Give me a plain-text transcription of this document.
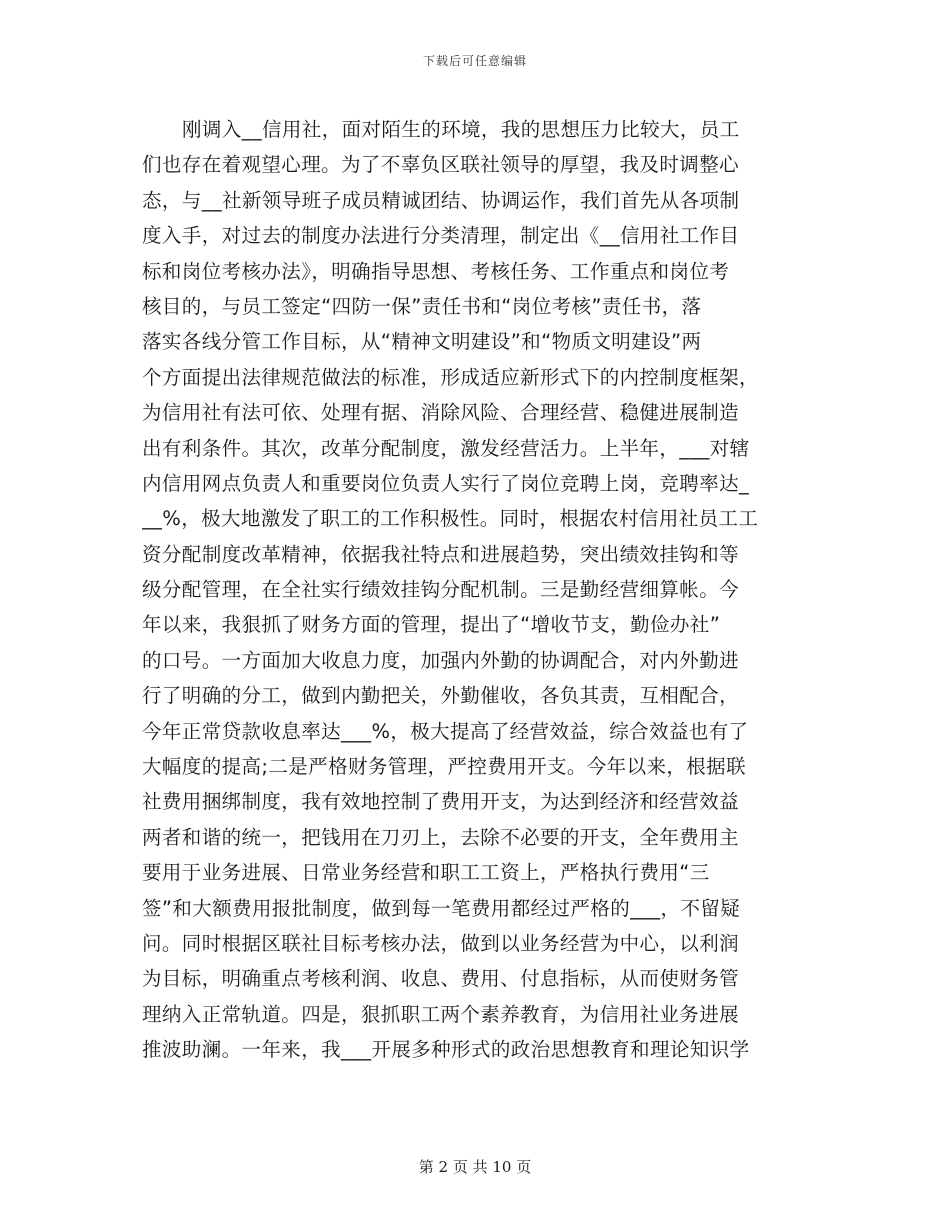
下载后可任意编辑
刚调入__信用社，面对陌生的环境，我的思想压力比较大，员工
们也存在着观望心理。为了不辜负区联社领导的厚望，我及时调整心
态，与__社新领导班子成员精诚团结、协调运作，我们首先从各项制
度入手，对过去的制度办法进行分类清理，制定出《__信用社工作目
标和岗位考核办法》，明确指导思想、考核任务、工作重点和岗位考
核目的，与员工签定“四防一保”责任书和“岗位考核”责任书，落
落实各线分管工作目标，从“精神文明建设”和“物质文明建设”两
个方面提出法律规范做法的标准，形成适应新形式下的内控制度框架，
为信用社有法可依、处理有据、消除风险、合理经营、稳健进展制造
出有利条件。其次，改革分配制度，激发经营活力。上半年，___对辖
内信用网点负责人和重要岗位负责人实行了岗位竞聘上岗，竞聘率达_
__%，极大地激发了职工的工作积极性。同时，根据农村信用社员工工
资分配制度改革精神，依据我社特点和进展趋势，突出绩效挂钩和等
级分配管理，在全社实行绩效挂钩分配机制。三是勤经营细算帐。今
年以来，我狠抓了财务方面的管理，提出了“增收节支，勤俭办社”
的口号。一方面加大收息力度，加强内外勤的协调配合，对内外勤进
行了明确的分工，做到内勤把关，外勤催收，各负其责，互相配合，
今年正常贷款收息率达___%，极大提高了经营效益，综合效益也有了
大幅度的提高;二是严格财务管理，严控费用开支。今年以来，根据联
社费用捆绑制度，我有效地控制了费用开支，为达到经济和经营效益
两者和谐的统一，把钱用在刀刃上，去除不必要的开支，全年费用主
要用于业务进展、日常业务经营和职工工资上，严格执行费用“三
签”和大额费用报批制度，做到每一笔费用都经过严格的___，不留疑
问。同时根据区联社目标考核办法，做到以业务经营为中心，以利润
为目标，明确重点考核利润、收息、费用、付息指标，从而使财务管
理纳入正常轨道。四是，狠抓职工两个素养教育，为信用社业务进展
推波助澜。一年来，我___开展多种形式的政治思想教育和理论知识学
第 2 页 共 10 页
